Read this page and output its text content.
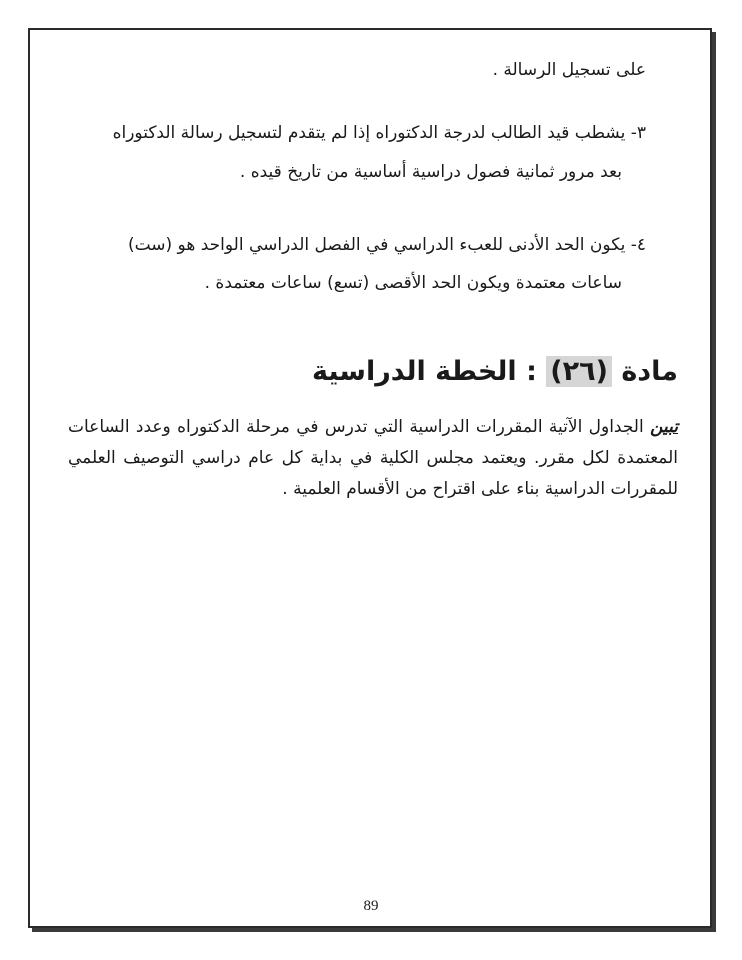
على تسجيل الرسالة .
٣- يشطب قيد الطالب لدرجة الدكتوراه إذا لم يتقدم لتسجيل رسالة الدكتوراه
بعد مرور ثمانية فصول دراسية أساسية من تاريخ قيده .
٤- يكون الحد الأدنى للعبء الدراسي في الفصل الدراسي الواحد هو (ست)
ساعات معتمدة ويكون الحد الأقصى (تسع) ساعات معتمدة .
مادة (٢٦) : الخطة الدراسية
تبين الجداول الآتية المقررات الدراسية التي تدرس في مرحلة الدكتوراه وعدد الساعات المعتمدة لكل مقرر. ويعتمد مجلس الكلية في بداية كل عام دراسي التوصيف العلمي للمقررات الدراسية بناء على اقتراح من الأقسام العلمية .
89
